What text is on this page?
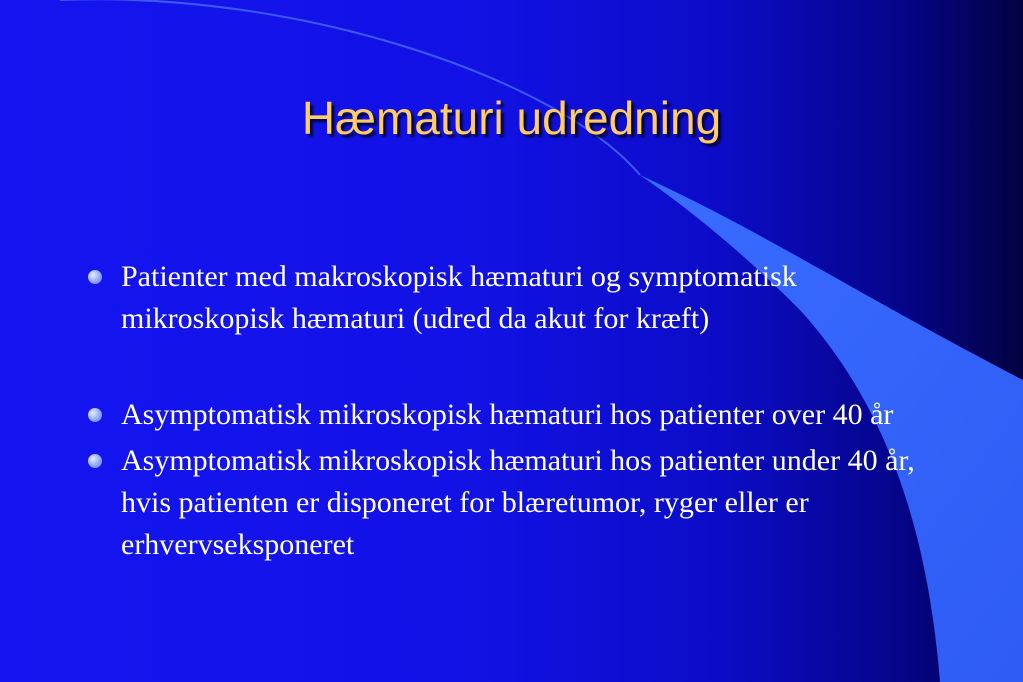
Hæmaturi udredning
Patienter med makroskopisk hæmaturi og symptomatisk mikroskopisk hæmaturi (udred da akut for kræft)
Asymptomatisk mikroskopisk hæmaturi hos patienter over 40 år
Asymptomatisk mikroskopisk hæmaturi hos patienter under 40 år, hvis patienten er disponeret for blæretumor, ryger eller er erhvervseksponeret
